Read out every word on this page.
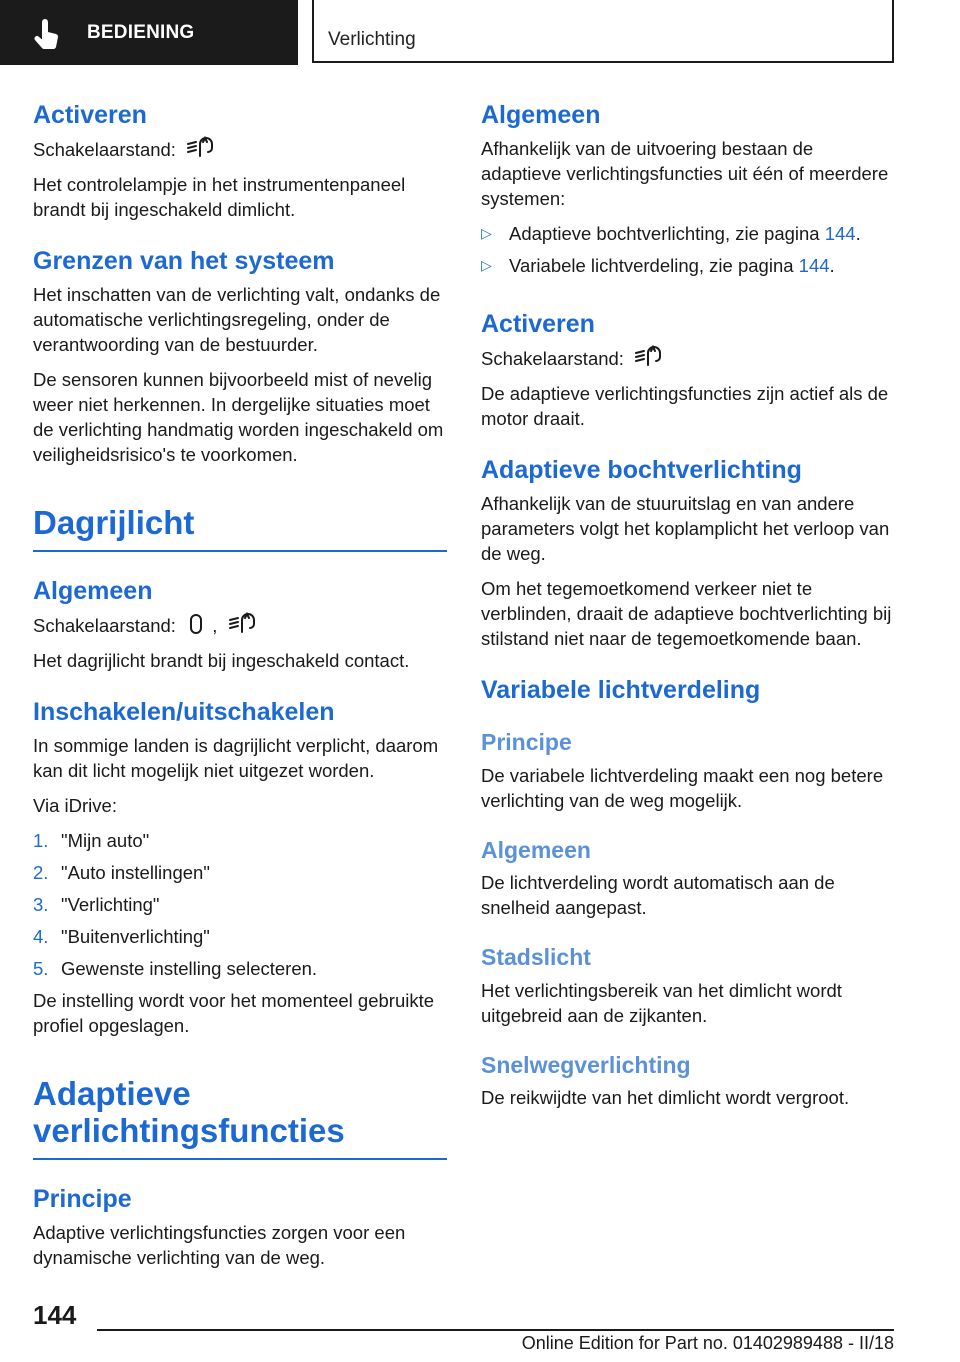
BEDIENING	Verlichting
Activeren

Schakelaarstand:

Het controlelampje in het instrumentenpaneel brandt bij ingeschakeld dimlicht.

Grenzen van het systeem

Het inschatten van de verlichting valt, ondanks de automatische verlichtingsregeling, onder de verantwoording van de bestuurder.

De sensoren kunnen bijvoorbeeld mist of nevelig weer niet herkennen. In dergelijke situaties moet de verlichting handmatig worden ingeschakeld om veiligheidsrisico's te voorkomen.

Dagrijlicht
Algemeen

Schakelaarstand: ,

Het dagrijlicht brandt bij ingeschakeld contact.

Inschakelen/uitschakelen

In sommige landen is dagrijlicht verplicht, daarom kan dit licht mogelijk niet uitgezet worden.

Via iDrive:

1. "Mijn auto"
2. "Auto instellingen"
3. "Verlichting"
4. "Buitenverlichting"
5. Gewenste instelling selecteren.

De instelling wordt voor het momenteel gebruikte profiel opgeslagen.

Adaptieve
verlichtingsfuncties
Principe

Adaptive verlichtingsfuncties zorgen voor een dynamische verlichting van de weg.

Algemeen

Afhankelijk van de uitvoering bestaan de adaptieve verlichtingsfuncties uit één of meerdere systemen:

▷ Adaptieve bochtverlichting, zie pagina 144.
▷ Variabele lichtverdeling, zie pagina 144.
Activeren

Schakelaarstand:

De adaptieve verlichtingsfuncties zijn actief als de motor draait.

Adaptieve bochtverlichting

Afhankelijk van de stuuruitslag en van andere parameters volgt het koplamplicht het verloop van de weg.

Om het tegemoetkomend verkeer niet te verblinden, draait de adaptieve bochtverlichting bij stilstand niet naar de tegemoetkomende baan.

Variabele lichtverdeling
Principe

De variabele lichtverdeling maakt een nog betere verlichting van de weg mogelijk.

Algemeen

De lichtverdeling wordt automatisch aan de snelheid aangepast.

Stadslicht

Het verlichtingsbereik van het dimlicht wordt uitgebreid aan de zijkanten.

Snelwegverlichting

De reikwijdte van het dimlicht wordt vergroot.

144
Online Edition for Part no. 01402989488 - II/18
